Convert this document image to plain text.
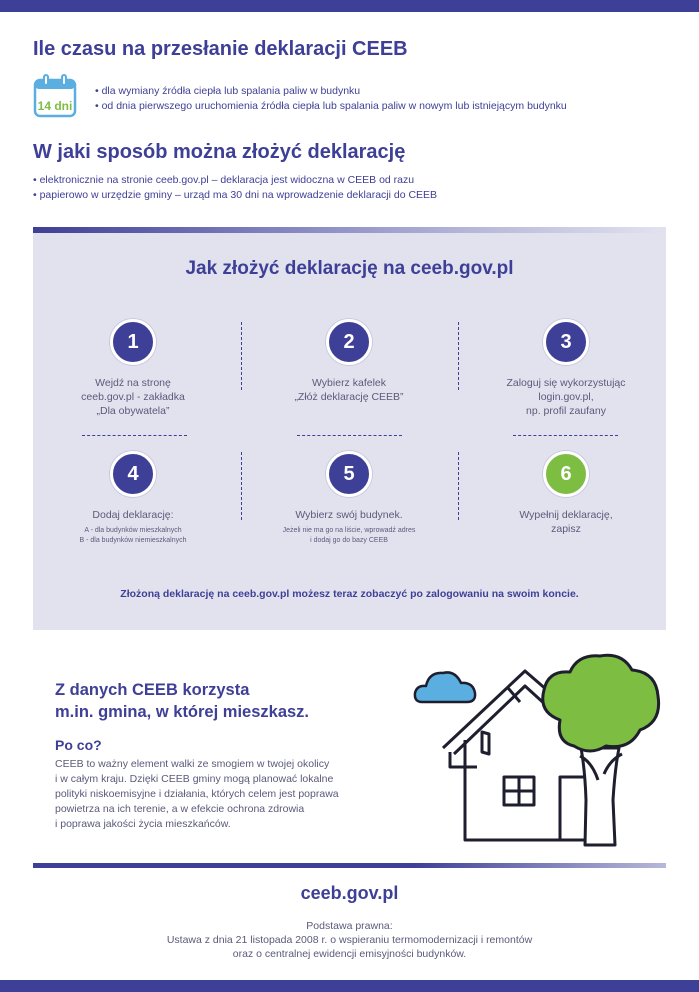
Ile czasu na przesłanie deklaracji CEEB
14 dni
• dla wymiany źródła ciepła lub spalania paliw w budynku
• od dnia pierwszego uruchomienia źródła ciepła lub spalania paliw w nowym lub istniejącym budynku
W jaki sposób można złożyć deklarację
• elektronicznie na stronie ceeb.gov.pl – deklaracja jest widoczna w CEEB od razu
• papierowo w urzędzie gminy – urząd ma 30 dni na wprowadzenie deklaracji do CEEB
Jak złożyć deklarację na ceeb.gov.pl
1
Wejdź na stronę
ceeb.gov.pl - zakładka
„Dla obywatela”
2
Wybierz kafelek
„Złóż deklarację CEEB”
3
Zaloguj się wykorzystując
login.gov.pl,
np. profil zaufany
4
Dodaj deklarację:
A - dla budynków mieszkalnych
B - dla budynków niemieszkalnych
5
Wybierz swój budynek.
Jeżeli nie ma go na liście, wprowadź adres
i dodaj go do bazy CEEB
6
Wypełnij deklarację,
zapisz
Złożoną deklarację na ceeb.gov.pl możesz teraz zobaczyć po zalogowaniu na swoim koncie.
Z danych CEEB korzysta
m.in. gmina, w której mieszkasz.
Po co?
CEEB to ważny element walki ze smogiem w twojej okolicy
i w całym kraju. Dzięki CEEB gminy mogą planować lokalne
polityki niskoemisyjne i działania, których celem jest poprawa
powietrza na ich terenie, a w efekcie ochrona zdrowia
i poprawa jakości życia mieszkańców.
ceeb.gov.pl
Podstawa prawna:
Ustawa z dnia 21 listopada 2008 r. o wspieraniu termomodernizacji i remontów
oraz o centralnej ewidencji emisyjności budynków.
